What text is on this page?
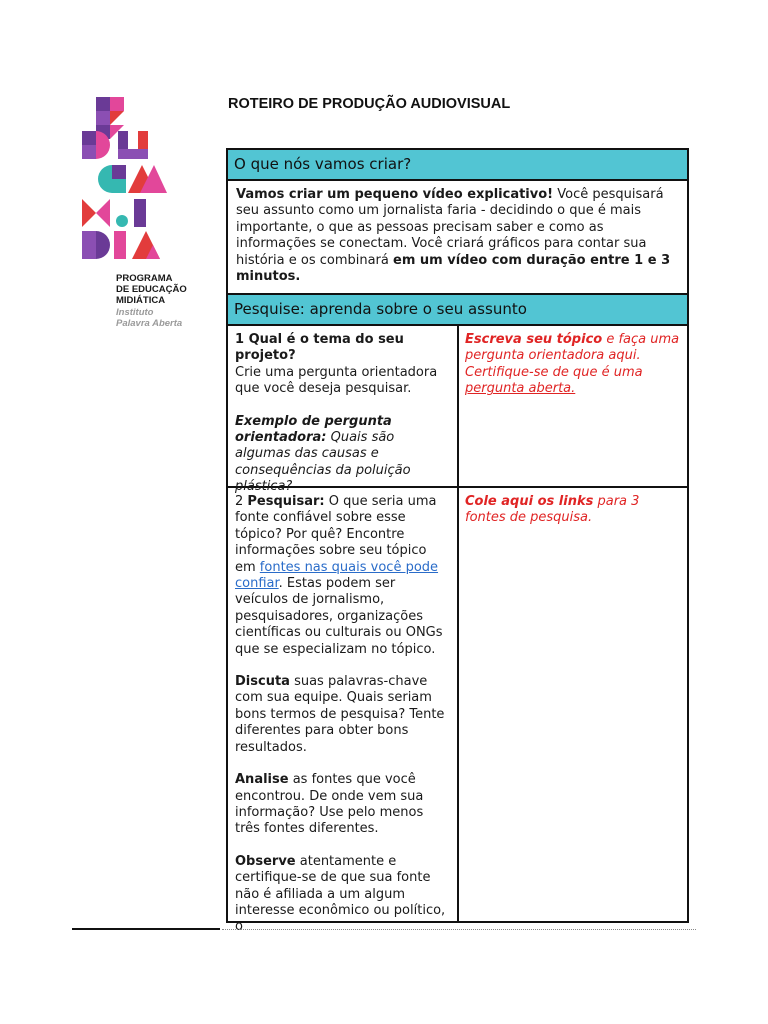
PROGRAMA
DE EDUCAÇÃO
MIDIÁTICA
Instituto
Palavra Aberta
ROTEIRO DE PRODUÇÃO AUDIOVISUAL
O que nós vamos criar?
Vamos criar um pequeno vídeo explicativo! Você pesquisará seu assunto como um jornalista faria - decidindo o que é mais importante, o que as pessoas precisam saber e como as informações se conectam. Você criará gráficos para contar sua história e os combinará em um vídeo com duração entre 1 e 3 minutos.
Pesquise: aprenda sobre o seu assunto
1 Qual é o tema do seu projeto?
Crie uma pergunta orientadora que você deseja pesquisar.
Exemplo de pergunta orientadora: Quais são algumas das causas e consequências da poluição plástica?
Escreva seu tópico e faça uma pergunta orientadora aqui. Certifique-se de que é uma pergunta aberta.
2 Pesquisar: O que seria uma fonte confiável sobre esse tópico? Por quê? Encontre informações sobre seu tópico em fontes nas quais você pode confiar. Estas podem ser veículos de jornalismo, pesquisadores, organizações científicas ou culturais ou ONGs que se especializam no tópico.
Discuta suas palavras-chave com sua equipe. Quais seriam bons termos de pesquisa? Tente diferentes para obter bons resultados.
Analise as fontes que você encontrou. De onde vem sua informação? Use pelo menos três fontes diferentes.
Observe atentamente e certifique-se de que sua fonte não é afiliada a um algum interesse econômico ou político, o
Cole aqui os links para 3 fontes de pesquisa.
